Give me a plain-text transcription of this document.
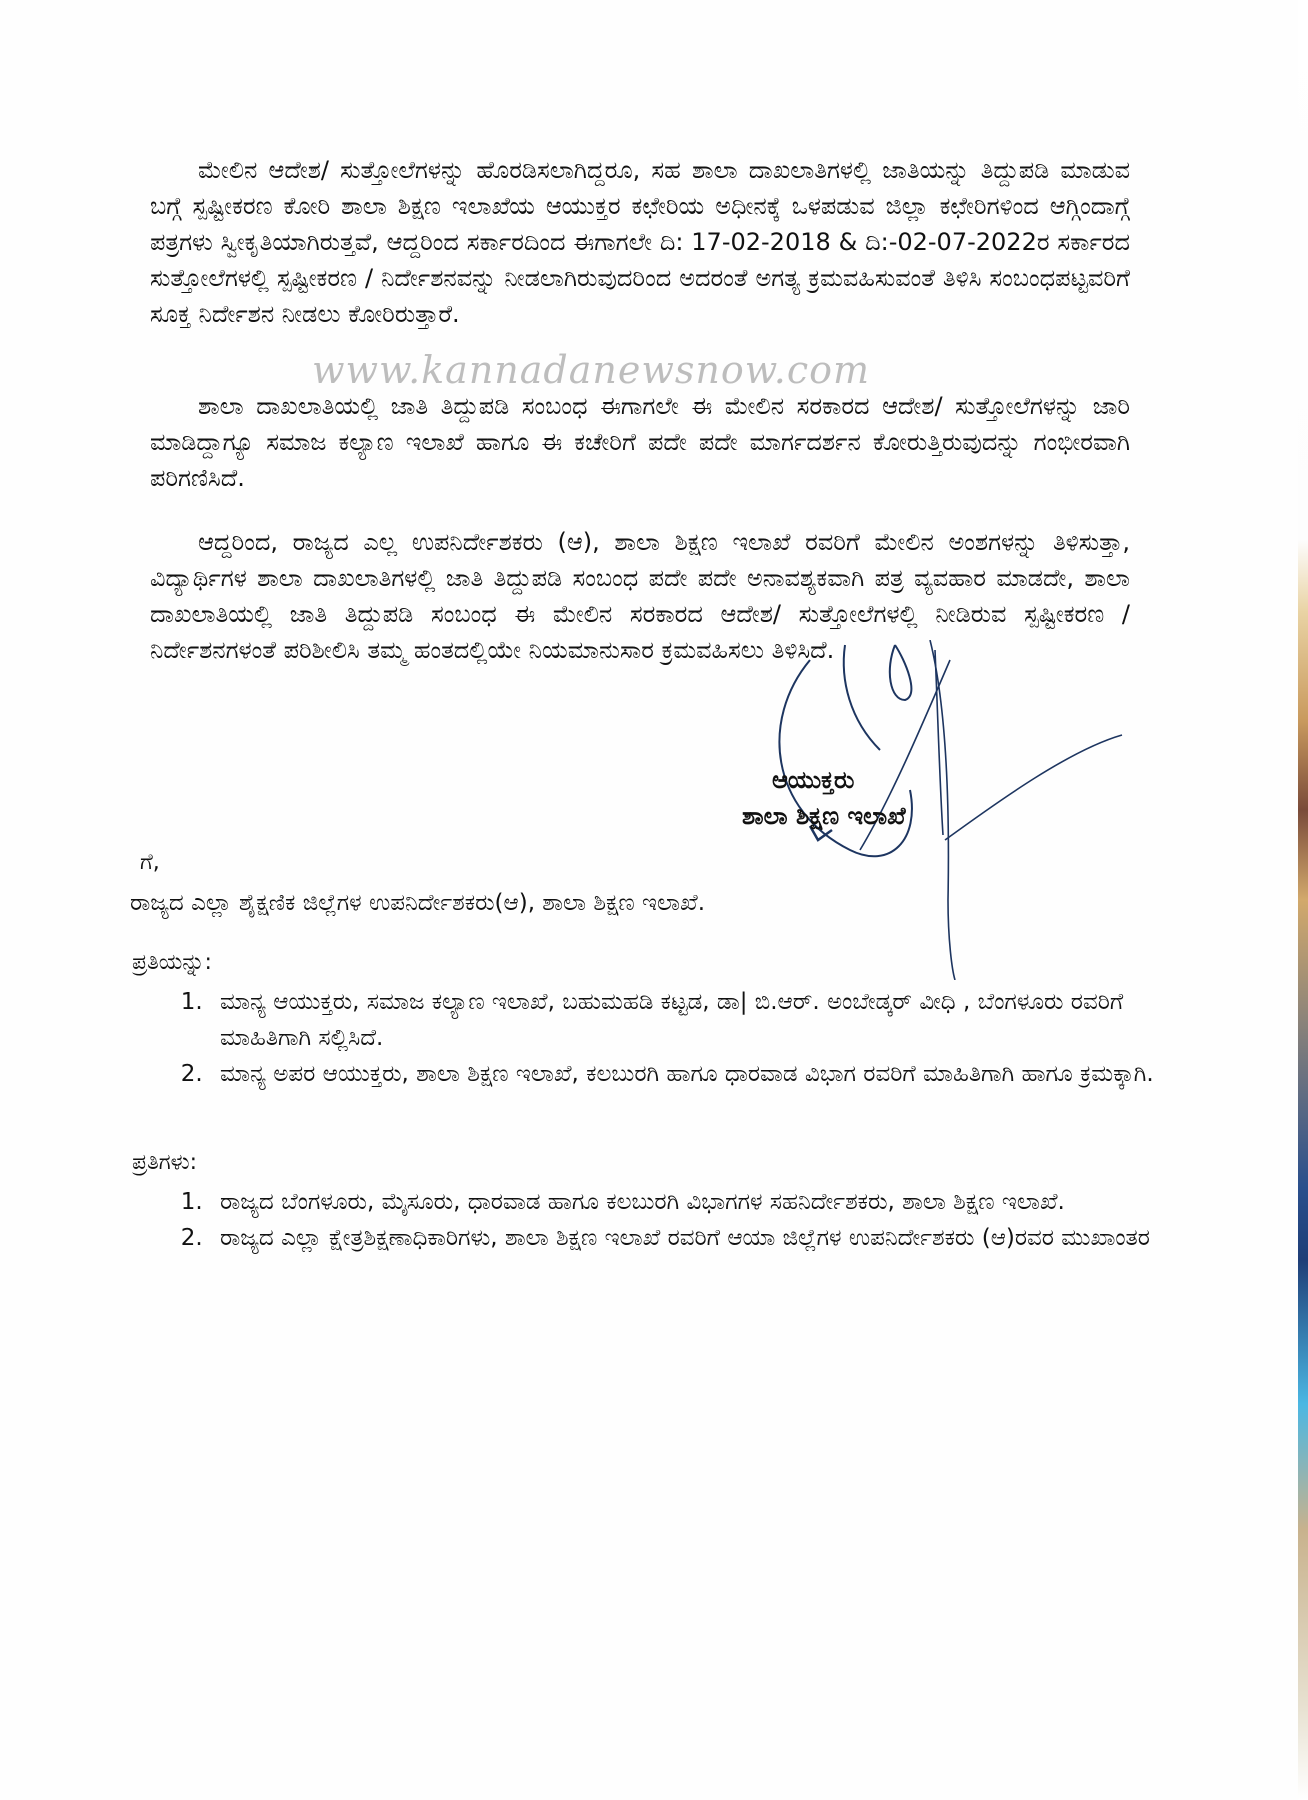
ಮೇಲಿನ ಆದೇಶ/ ಸುತ್ತೋಲೆಗಳನ್ನು ಹೊರಡಿಸಲಾಗಿದ್ದರೂ, ಸಹ ಶಾಲಾ ದಾಖಲಾತಿಗಳಲ್ಲಿ ಜಾತಿಯನ್ನು ತಿದ್ದುಪಡಿ ಮಾಡುವ ಬಗ್ಗೆ ಸ್ಪಷ್ಟೀಕರಣ ಕೋರಿ ಶಾಲಾ ಶಿಕ್ಷಣ ಇಲಾಖೆಯ ಆಯುಕ್ತರ ಕಛೇರಿಯ ಅಧೀನಕ್ಕೆ ಒಳಪಡುವ ಜಿಲ್ಲಾ ಕಛೇರಿಗಳಿಂದ ಆಗ್ಗಿಂದಾಗ್ಗೆ ಪತ್ರಗಳು ಸ್ವೀಕೃತಿಯಾಗಿರುತ್ತವೆ, ಆದ್ದರಿಂದ ಸರ್ಕಾರದಿಂದ ಈಗಾಗಲೇ ದಿ: 17-02-2018 & ದಿ:-02-07-2022ರ ಸರ್ಕಾರದ ಸುತ್ತೋಲೆಗಳಲ್ಲಿ ಸ್ಪಷ್ಟೀಕರಣ / ನಿರ್ದೇಶನವನ್ನು ನೀಡಲಾಗಿರುವುದರಿಂದ ಅದರಂತೆ ಅಗತ್ಯ ಕ್ರಮವಹಿಸುವಂತೆ ತಿಳಿಸಿ ಸಂಬಂಧಪಟ್ಟವರಿಗೆ ಸೂಕ್ತ ನಿರ್ದೇಶನ ನೀಡಲು ಕೋರಿರುತ್ತಾರೆ.

www.kannadanewsnow.com

ಶಾಲಾ ದಾಖಲಾತಿಯಲ್ಲಿ ಜಾತಿ ತಿದ್ದುಪಡಿ ಸಂಬಂಧ ಈಗಾಗಲೇ ಈ ಮೇಲಿನ ಸರಕಾರದ ಆದೇಶ/ ಸುತ್ತೋಲೆಗಳನ್ನು ಜಾರಿ ಮಾಡಿದ್ದಾಗ್ಯೂ ಸಮಾಜ ಕಲ್ಯಾಣ ಇಲಾಖೆ ಹಾಗೂ ಈ ಕಚೇರಿಗೆ ಪದೇ ಪದೇ ಮಾರ್ಗದರ್ಶನ ಕೋರುತ್ತಿರುವುದನ್ನು ಗಂಭೀರವಾಗಿ ಪರಿಗಣಿಸಿದೆ.

ಆದ್ದರಿಂದ, ರಾಜ್ಯದ ಎಲ್ಲ ಉಪನಿರ್ದೇಶಕರು (ಆ), ಶಾಲಾ ಶಿಕ್ಷಣ ಇಲಾಖೆ ರವರಿಗೆ ಮೇಲಿನ ಅಂಶಗಳನ್ನು ತಿಳಿಸುತ್ತಾ, ವಿದ್ಯಾರ್ಥಿಗಳ ಶಾಲಾ ದಾಖಲಾತಿಗಳಲ್ಲಿ ಜಾತಿ ತಿದ್ದುಪಡಿ ಸಂಬಂಧ ಪದೇ ಪದೇ ಅನಾವಶ್ಯಕವಾಗಿ ಪತ್ರ ವ್ಯವಹಾರ ಮಾಡದೇ, ಶಾಲಾ ದಾಖಲಾತಿಯಲ್ಲಿ ಜಾತಿ ತಿದ್ದುಪಡಿ ಸಂಬಂಧ ಈ ಮೇಲಿನ ಸರಕಾರದ ಆದೇಶ/ ಸುತ್ತೋಲೆಗಳಲ್ಲಿ ನೀಡಿರುವ ಸ್ಪಷ್ಟೀಕರಣ / ನಿರ್ದೇಶನಗಳಂತೆ ಪರಿಶೀಲಿಸಿ ತಮ್ಮ ಹಂತದಲ್ಲಿಯೇ ನಿಯಮಾನುಸಾರ ಕ್ರಮವಹಿಸಲು ತಿಳಿಸಿದೆ.

ಆಯುಕ್ತರು
ಶಾಲಾ ಶಿಕ್ಷಣ ಇಲಾಖೆ
ಗೆ,
ರಾಜ್ಯದ ಎಲ್ಲಾ ಶೈಕ್ಷಣಿಕ ಜಿಲ್ಲೆಗಳ ಉಪನಿರ್ದೇಶಕರು(ಆ), ಶಾಲಾ ಶಿಕ್ಷಣ ಇಲಾಖೆ.
ಪ್ರತಿಯನ್ನು:
1. ಮಾನ್ಯ ಆಯುಕ್ತರು, ಸಮಾಜ ಕಲ್ಯಾಣ ಇಲಾಖೆ, ಬಹುಮಹಡಿ ಕಟ್ಟಡ, ಡಾ| ಬಿ.ಆರ್. ಅಂಬೇಡ್ಕರ್ ವೀಧಿ , ಬೆಂಗಳೂರು ರವರಿಗೆ ಮಾಹಿತಿಗಾಗಿ ಸಲ್ಲಿಸಿದೆ.
2. ಮಾನ್ಯ ಅಪರ ಆಯುಕ್ತರು, ಶಾಲಾ ಶಿಕ್ಷಣ ಇಲಾಖೆ, ಕಲಬುರಗಿ ಹಾಗೂ ಧಾರವಾಡ ವಿಭಾಗ ರವರಿಗೆ ಮಾಹಿತಿಗಾಗಿ ಹಾಗೂ ಕ್ರಮಕ್ಕಾಗಿ.
ಪ್ರತಿಗಳು:
1. ರಾಜ್ಯದ ಬೆಂಗಳೂರು, ಮೈಸೂರು, ಧಾರವಾಡ ಹಾಗೂ ಕಲಬುರಗಿ ವಿಭಾಗಗಳ ಸಹನಿರ್ದೇಶಕರು, ಶಾಲಾ ಶಿಕ್ಷಣ ಇಲಾಖೆ.
2. ರಾಜ್ಯದ ಎಲ್ಲಾ ಕ್ಷೇತ್ರಶಿಕ್ಷಣಾಧಿಕಾರಿಗಳು, ಶಾಲಾ ಶಿಕ್ಷಣ ಇಲಾಖೆ ರವರಿಗೆ ಆಯಾ ಜಿಲ್ಲೆಗಳ ಉಪನಿರ್ದೇಶಕರು (ಆ)ರವರ ಮುಖಾಂತರ
